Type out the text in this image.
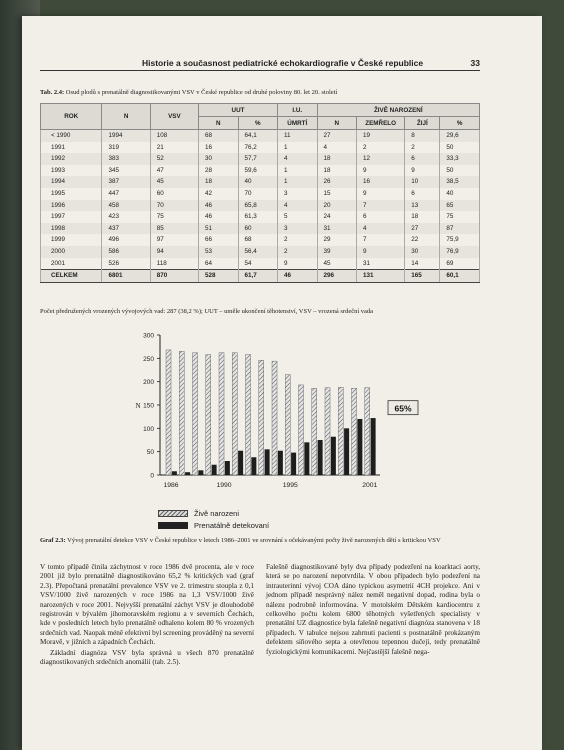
Historie a současnost pediatrické echokardiografie v České republice	33
Tab. 2.4: Osud plodů s prenatálně diagnostikovanými VSV v České republice od druhé poloviny 80. let 20. století
ROK	N	VSV	UUT		I.U.	ŽIVĚ NAROZENÍ			
			N	%	ÚMRTÍ	N	ZEMŘELO	ŽIJÍ	%
< 1990	1994	108	68	64,1	11	27	19	8	29,6
1991	319	21	16	76,2	1	4	2	2	50
1992	383	52	30	57,7	4	18	12	6	33,3
1993	345	47	28	59,6	1	18	9	9	50
1994	387	45	18	40	1	26	16	10	38,5
1995	447	60	42	70	3	15	9	6	40
1996	458	70	46	65,8	4	20	7	13	65
1997	423	75	46	61,3	5	24	6	18	75
1998	437	85	51	60	3	31	4	27	87
1999	496	97	66	68	2	29	7	22	75,9
2000	586	94	53	56,4	2	39	9	30	76,9
2001	526	118	64	54	9	45	31	14	69
CELKEM	6801	870	528	61,7	46	296	131	165	60,1
Počet předružených vrozených vývojových vad: 287 (38,2 %); UUT – uměle ukončení těhotenství, VSV – vrozená srdeční vada
300
250
200
150
100
50
0
N
1986	1990	1995	2001
65%
Živě narozeni
Prenatálně detekovaní
Graf 2.3: Vývoj prenatální detekce VSV v České republice v letech 1986–2001 ve srovnání s očekávanými počty živě narozených dětí s kritickou VSV

V tomto případě činila záchytnost v roce 1986 dvě procenta, ale v roce 2001 již bylo prenatálně diagnostikováno 65,2 % kritických vad (graf 2.3). Přepočtaná prenatální prevalence VSV ve 2. trimestru stoupla z 0,1 VSV/1000 živě narozených v roce 1986 na 1,3 VSV/1000 živě narozených v roce 2001. Nejvyšší prenatální záchyt VSV je dlouhodobě registrován v bývalém jihomoravském regionu a v severních Čechách, kde v posledních letech bylo prenatálně odhaleno kolem 80 % vrozených srdečních vad. Naopak méně efektivní byl screening prováděný na severní Moravě, v jižních a západních Čechách.

Základní diagnóza VSV byla správná u všech 870 prenatálně diagnostikovaných srdečních anomálií (tab. 2.5).

Falešně diagnostikované byly dva případy podezření na koarktaci aorty, která se po narození nepotvrdila. V obou případech bylo podezření na intrauterinní vývoj COA dáno typickou asymetrií 4CH projekce. Ani v jednom případě nesprávný nález neměl negativní dopad, rodina byla o nálezu podrobně informována. V motolském Dětském kardiocentru z celkového počtu kolem 6800 těhotných vyšetřených specialisty v prenatální UZ diagnostice byla falešně negativní diagnóza stanovena v 18 případech. V tabulce nejsou zahrnuti pacienti s postnatálně prokázaným defektem síňového septa a otevřenou tepennou dučejí, tedy prenatálně fyziologickými komunikacemi. Nejčastější falešně nega-
